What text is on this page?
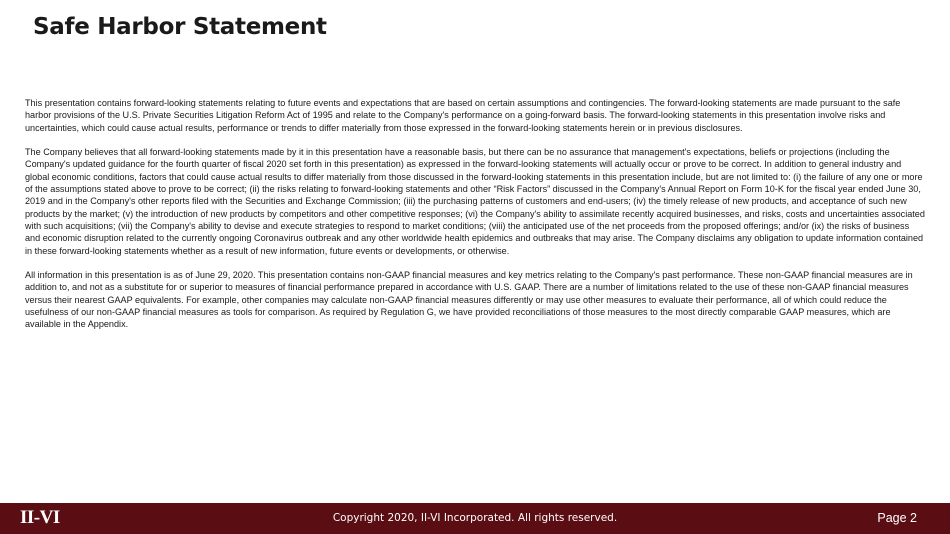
Safe Harbor Statement

This presentation contains forward-looking statements relating to future events and expectations that are based on certain assumptions and contingencies. The forward-looking statements are made pursuant to the safe harbor provisions of the U.S. Private Securities Litigation Reform Act of 1995 and relate to the Company's performance on a going-forward basis. The forward-looking statements in this presentation involve risks and uncertainties, which could cause actual results, performance or trends to differ materially from those expressed in the forward-looking statements herein or in previous disclosures.

The Company believes that all forward-looking statements made by it in this presentation have a reasonable basis, but there can be no assurance that management's expectations, beliefs or projections (including the Company's updated guidance for the fourth quarter of fiscal 2020 set forth in this presentation) as expressed in the forward-looking statements will actually occur or prove to be correct. In addition to general industry and global economic conditions, factors that could cause actual results to differ materially from those discussed in the forward-looking statements in this presentation include, but are not limited to: (i) the failure of any one or more of the assumptions stated above to prove to be correct; (ii) the risks relating to forward-looking statements and other “Risk Factors” discussed in the Company's Annual Report on Form 10-K for the fiscal year ended June 30, 2019 and in the Company's other reports filed with the Securities and Exchange Commission; (iii) the purchasing patterns of customers and end-users; (iv) the timely release of new products, and acceptance of such new products by the market; (v) the introduction of new products by competitors and other competitive responses; (vi) the Company's ability to assimilate recently acquired businesses, and risks, costs and uncertainties associated with such acquisitions; (vii) the Company's ability to devise and execute strategies to respond to market conditions; (viii) the anticipated use of the net proceeds from the proposed offerings; and/or (ix) the risks of business and economic disruption related to the currently ongoing Coronavirus outbreak and any other worldwide health epidemics and outbreaks that may arise. The Company disclaims any obligation to update information contained in these forward-looking statements whether as a result of new information, future events or developments, or otherwise.

All information in this presentation is as of June 29, 2020. This presentation contains non-GAAP financial measures and key metrics relating to the Company's past performance. These non-GAAP financial measures are in addition to, and not as a substitute for or superior to measures of financial performance prepared in accordance with U.S. GAAP. There are a number of limitations related to the use of these non-GAAP financial measures versus their nearest GAAP equivalents. For example, other companies may calculate non-GAAP financial measures differently or may use other measures to evaluate their performance, all of which could reduce the usefulness of our non-GAAP financial measures as tools for comparison. As required by Regulation G, we have provided reconciliations of those measures to the most directly comparable GAAP measures, which are available in the Appendix.

II-VI	Copyright 2020, II-VI Incorporated. All rights reserved.	Page 2
